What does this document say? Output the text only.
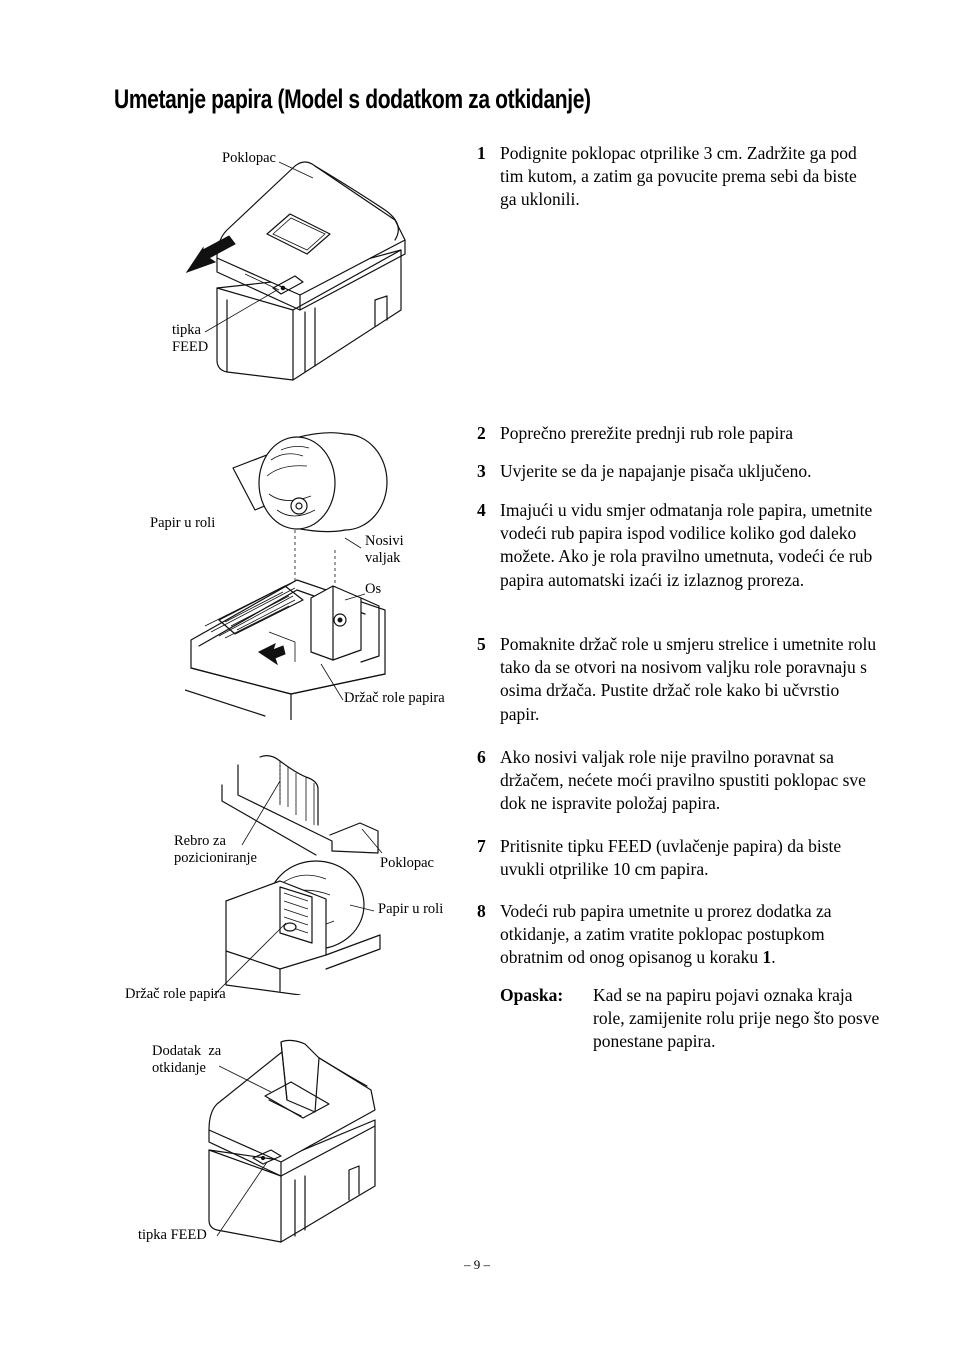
Umetanje papira (Model s dodatkom za otkidanje)
Poklopac
tipka
FEED
Papir u roli
Nosivi
valjak
Os
Držač role papira
Rebro za
pozicioniranje	Poklopac
Papir u roli
Držač role papira
Dodatak  za
otkidanje
tipka FEED
1 Podignite poklopac otprilike 3 cm. Zadržite ga pod tim kutom, a zatim ga povucite prema sebi da biste ga uklonili.
2 Poprečno prerežite prednji rub role papira
3 Uvjerite se da je napajanje pisača uključeno.
4 Imajući u vidu smjer odmatanja role papira, umetnite vodeći rub papira ispod vodilice koliko god daleko možete. Ako je rola pravilno umetnuta, vodeći će rub papira automatski izaći iz izlaznog proreza.
5 Pomaknite držač role u smjeru strelice i umetnite rolu tako da se otvori na nosivom valjku role poravnaju s osima držača. Pustite držač role kako bi učvrstio papir.
6 Ako nosivi valjak role nije pravilno poravnat sa držačem, nećete moći pravilno spustiti poklopac sve dok ne ispravite položaj papira.
7 Pritisnite tipku FEED (uvlačenje papira) da biste uvukli otprilike 10 cm papira.
8 Vodeći rub papira umetnite u prorez dodatka za otkidanje, a zatim vratite poklopac postupkom obratnim od onog opisanog u koraku 1.
Opaska: Kad se na papiru pojavi oznaka kraja role, zamijenite rolu prije nego što posve ponestane papira.
– 9 –
